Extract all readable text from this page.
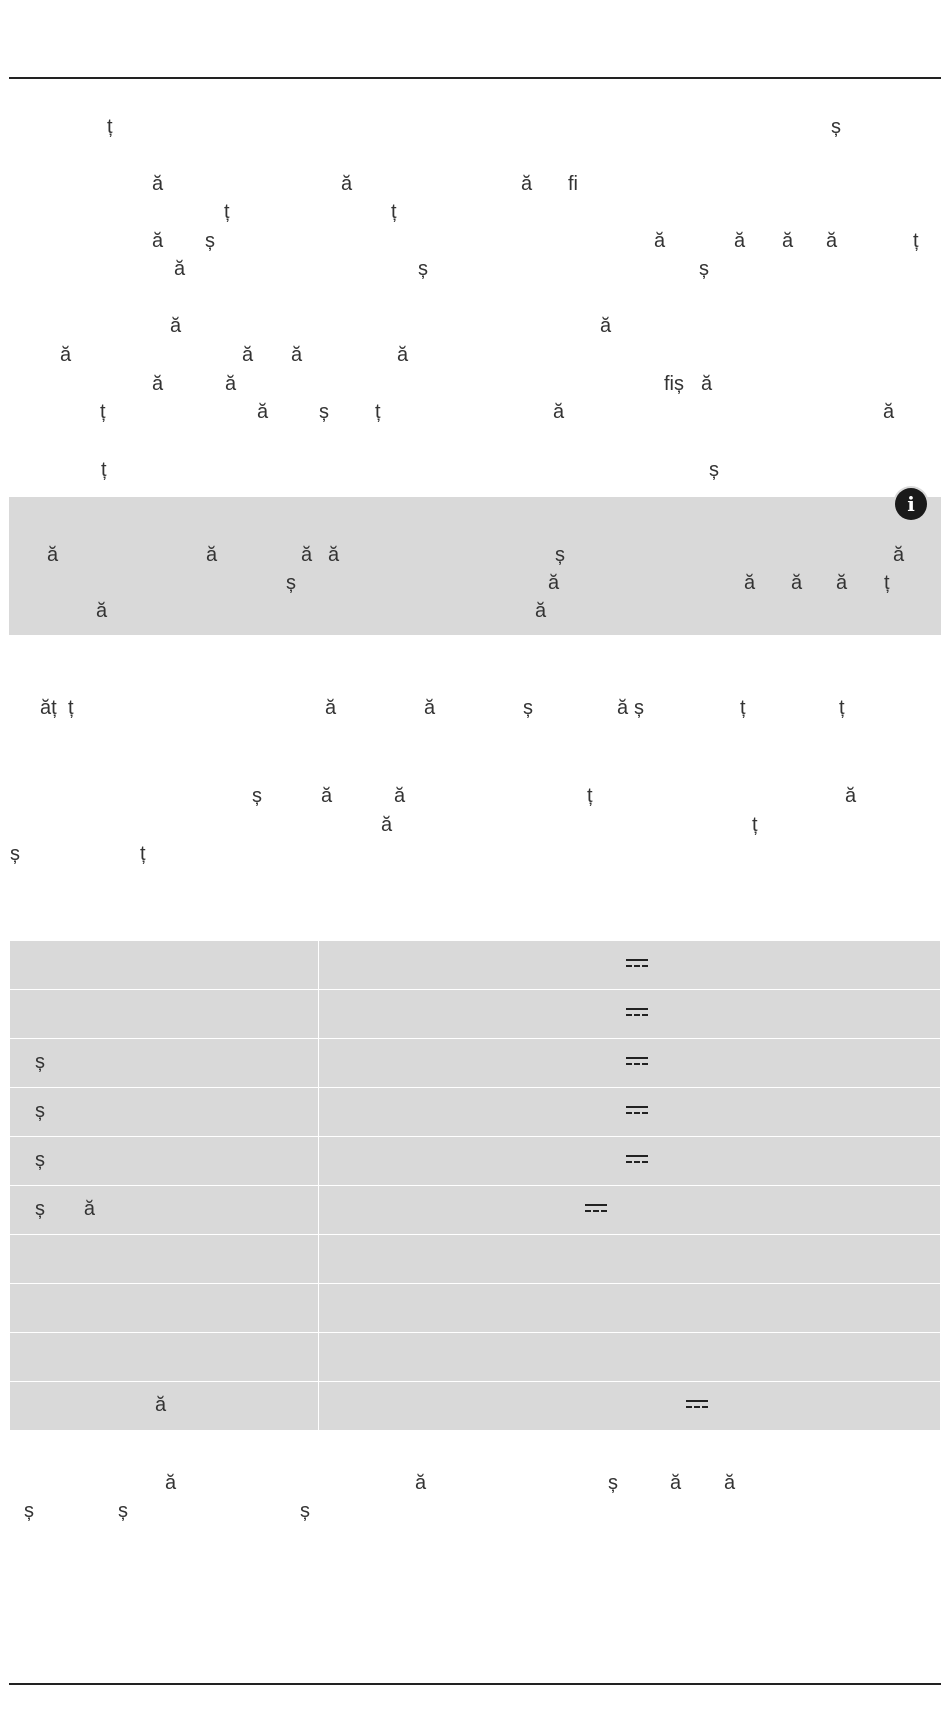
ț	ș
ă	ă	ă fi
ț	ț
ă ș	ă	ă ă ă	ț
ă	ș	ș
ă	ă
ă	ă ă	ă
ă	ă	fiș ă
ț	ă	ș ț	ă	ă
ț	ș
i
ă	ă	ă ă	ș	ă
ș	ă	ă ă ă ț
ă	ă
ăț ț	ă	ă	ș	ă ș	ț	ț
ș	ă	ă	ț	ă
ă	ț
ș	ț

ș	

ș	

ș	

ș       ă	

ă	

ă	ă	ș	ă ă
ș	ș	ș
